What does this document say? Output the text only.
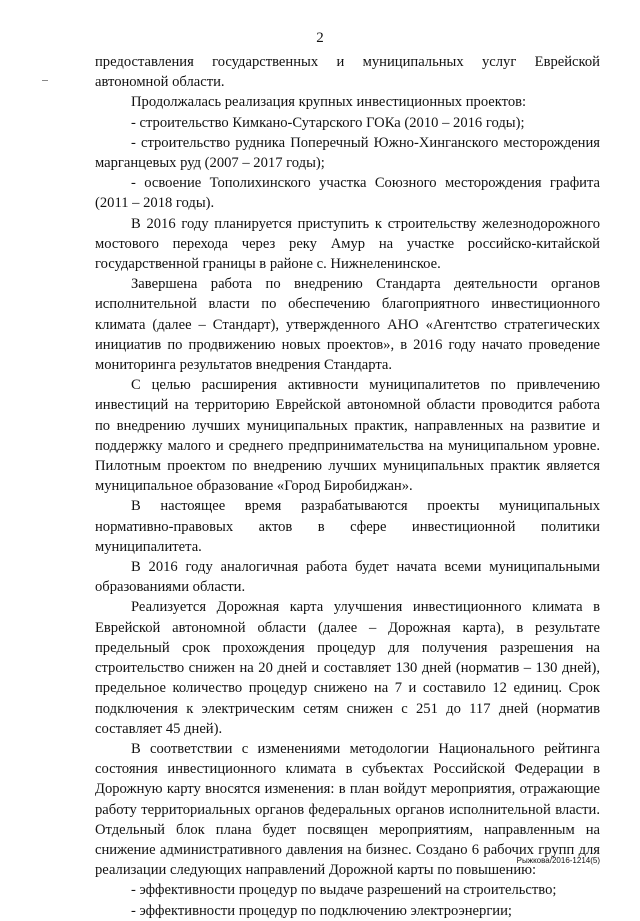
2

предоставления государственных и муниципальных услуг Еврейской автономной области.

Продолжалась реализация крупных инвестиционных проектов:

- строительство Кимкано-Сутарского ГОКа (2010 – 2016 годы);

- строительство рудника Поперечный Южно-Хинганского месторождения марганцевых руд (2007 – 2017 годы);

- освоение Тополихинского участка Союзного месторождения графита (2011 – 2018 годы).

В 2016 году планируется приступить к строительству железнодорожного мостового перехода через реку Амур на участке российско-китайской государственной границы в районе с. Нижнеленинское.

Завершена работа по внедрению Стандарта деятельности органов исполнительной власти по обеспечению благоприятного инвестиционного климата (далее – Стандарт), утвержденного АНО «Агентство стратегических инициатив по продвижению новых проектов», в 2016 году начато проведение мониторинга результатов внедрения Стандарта.

С целью расширения активности муниципалитетов по привлечению инвестиций на территорию Еврейской автономной области проводится работа по внедрению лучших муниципальных практик, направленных на развитие и поддержку малого и среднего предпринимательства на муниципальном уровне. Пилотным проектом по внедрению лучших муниципальных практик является муниципальное образование «Город Биробиджан».

В настоящее время разрабатываются проекты муниципальных нормативно-правовых актов в сфере инвестиционной политики муниципалитета.

В 2016 году аналогичная работа будет начата всеми муниципальными образованиями области.

Реализуется Дорожная карта улучшения инвестиционного климата в Еврейской автономной области (далее – Дорожная карта), в результате предельный срок прохождения процедур для получения разрешения на строительство снижен на 20 дней и составляет 130 дней (норматив – 130 дней), предельное количество процедур снижено на 7 и составило 12 единиц. Срок подключения к электрическим сетям снижен с 251 до 117 дней (норматив составляет 45 дней).

В соответствии с изменениями методологии Национального рейтинга состояния инвестиционного климата в субъектах Российской Федерации в Дорожную карту вносятся изменения: в план войдут мероприятия, отражающие работу территориальных органов федеральных органов исполнительной власти. Отдельный блок плана будет посвящен мероприятиям, направленным на снижение административного давления на бизнес. Создано 6 рабочих групп для реализации следующих направлений Дорожной карты по повышению:

- эффективности процедур по выдаче разрешений на строительство;

- эффективности процедур по подключению электроэнергии;

Рыжкова/2016-1214(5)
